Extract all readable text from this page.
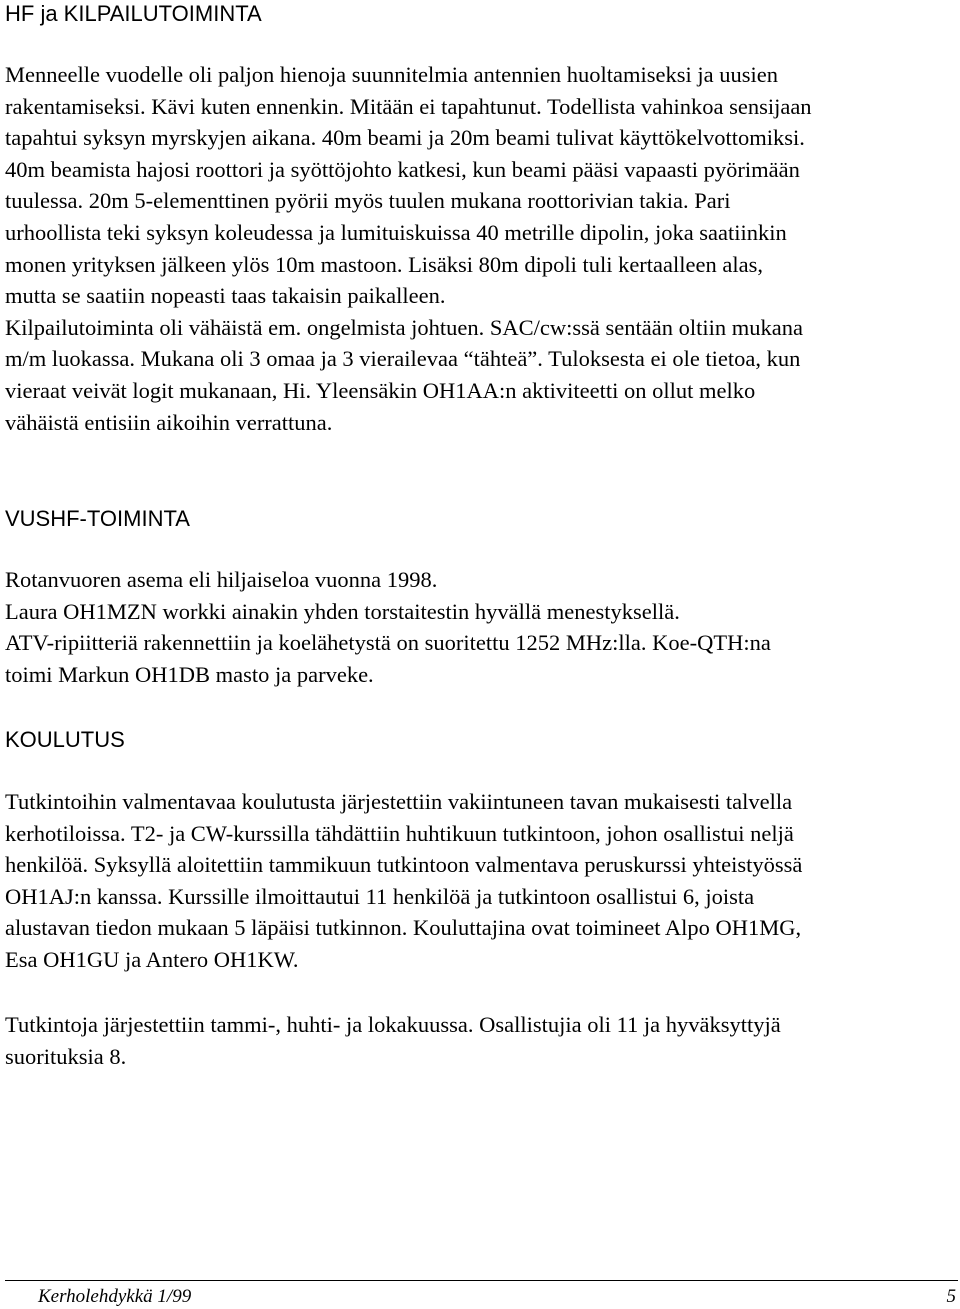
HF ja KILPAILUTOIMINTA

Menneelle vuodelle oli paljon hienoja suunnitelmia antennien huoltamiseksi ja uusien
rakentamiseksi. Kävi kuten ennenkin. Mitään ei tapahtunut. Todellista vahinkoa sensijaan
tapahtui syksyn myrskyjen aikana. 40m beami ja 20m beami tulivat käyttökelvottomiksi.
40m beamista hajosi roottori ja syöttöjohto katkesi, kun beami pääsi vapaasti pyörimään
tuulessa. 20m 5-elementtinen pyörii myös tuulen mukana roottorivian takia. Pari
urhoollista teki syksyn koleudessa ja lumituiskuissa 40 metrille dipolin, joka saatiinkin
monen yrityksen jälkeen ylös 10m mastoon. Lisäksi 80m dipoli tuli kertaalleen alas,
mutta se saatiin nopeasti taas takaisin paikalleen.
Kilpailutoiminta oli vähäistä em. ongelmista johtuen. SAC/cw:ssä sentään oltiin mukana
m/m luokassa. Mukana oli 3 omaa ja 3 vierailevaa “tähteä”. Tuloksesta ei ole tietoa, kun
vieraat veivät logit mukanaan, Hi. Yleensäkin OH1AA:n aktiviteetti on ollut melko
vähäistä entisiin aikoihin verrattuna.

VUSHF-TOIMINTA

Rotanvuoren asema eli hiljaiseloa vuonna 1998.
Laura OH1MZN workki ainakin yhden torstaitestin hyvällä menestyksellä.
ATV-ripiitteriä rakennettiin ja koelähetystä on suoritettu 1252 MHz:lla. Koe-QTH:na
toimi Markun OH1DB masto ja parveke.

KOULUTUS

Tutkintoihin valmentavaa koulutusta järjestettiin vakiintuneen tavan mukaisesti talvella
kerhotiloissa. T2- ja CW-kurssilla tähdättiin huhtikuun tutkintoon, johon osallistui neljä
henkilöä. Syksyllä aloitettiin tammikuun tutkintoon valmentava peruskurssi yhteistyössä
OH1AJ:n kanssa. Kurssille ilmoittautui 11 henkilöä ja tutkintoon osallistui 6, joista
alustavan tiedon mukaan 5 läpäisi tutkinnon. Kouluttajina ovat toimineet Alpo OH1MG,
Esa OH1GU ja Antero OH1KW.

Tutkintoja järjestettiin tammi-, huhti- ja lokakuussa. Osallistujia oli 11 ja hyväksyttyjä
suorituksia 8.

Kerholehdykkä 1/99	5
